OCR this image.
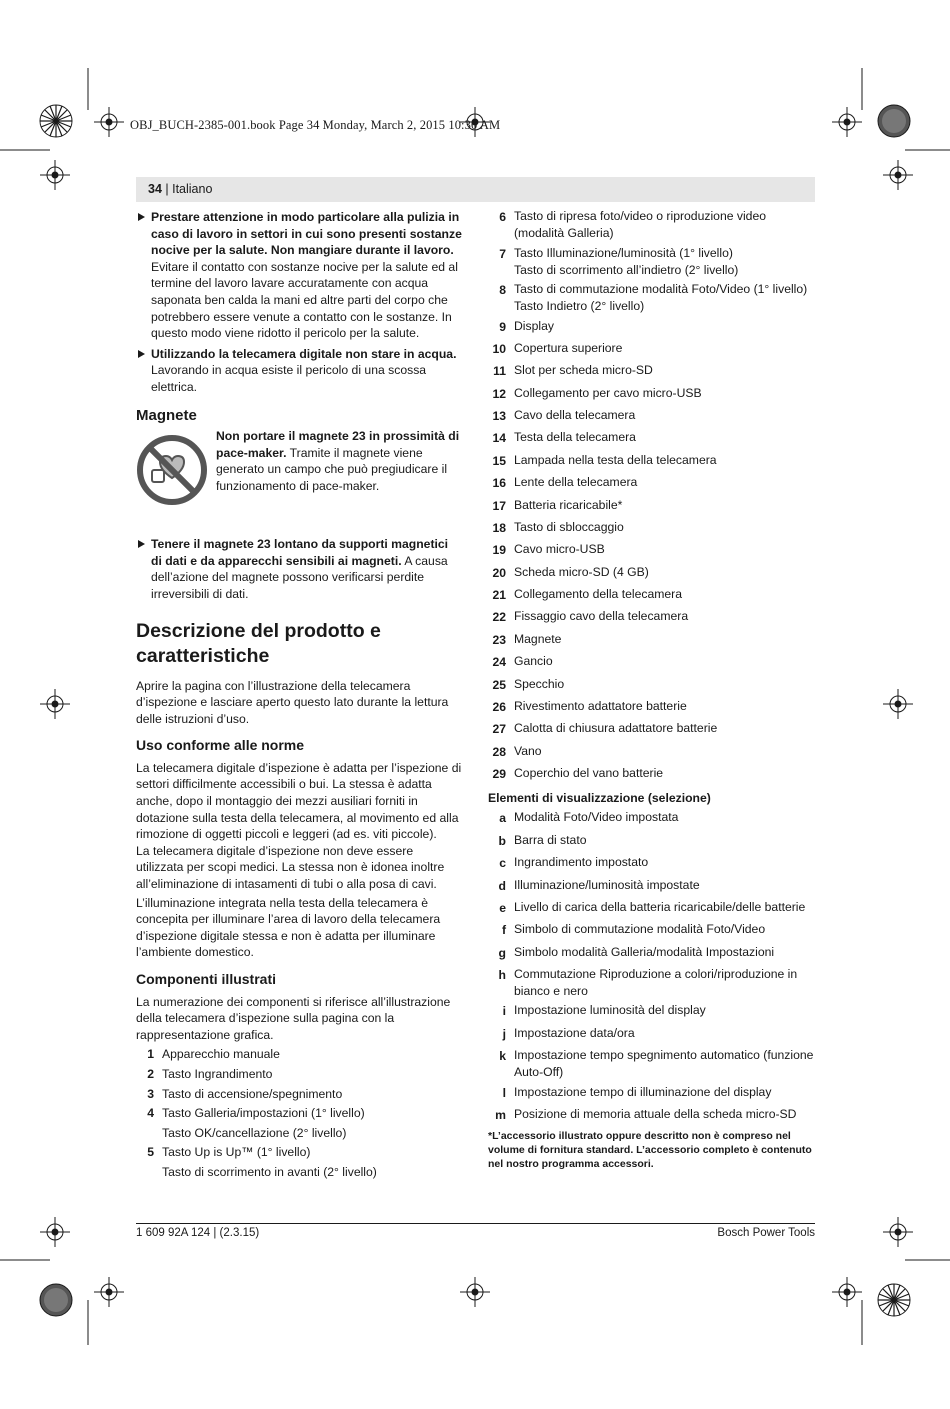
OBJ_BUCH-2385-001.book Page 34 Monday, March 2, 2015 10:30 AM
34 | Italiano

Prestare attenzione in modo particolare alla pulizia in caso di lavoro in settori in cui sono presenti sostanze nocive per la salute. Non mangiare durante il lavoro. Evitare il contatto con sostanze nocive per la salute ed al termine del lavoro lavare accuratamente con acqua saponata ben calda la mani ed altre parti del corpo che potrebbero essere venute a contatto con le sostanze. In questo modo viene ridotto il pericolo per la salute.

Utilizzando la telecamera digitale non stare in acqua. Lavorando in acqua esiste il pericolo di una scossa elettrica.

Magnete

Non portare il magnete 23 in prossimità di pace-maker. Tramite il magnete viene generato un campo che può pregiudicare il funzionamento di pace-maker.

Tenere il magnete 23 lontano da supporti magnetici di dati e da apparecchi sensibili ai magneti. A causa dell’azione del magnete possono verificarsi perdite irreversibili di dati.

Descrizione del prodotto e caratteristiche

Aprire la pagina con l’illustrazione della telecamera d’ispezione e lasciare aperto questo lato durante la lettura delle istruzioni d’uso.

Uso conforme alle norme

La telecamera digitale d’ispezione è adatta per l’ispezione di settori difficilmente accessibili o bui. La stessa è adatta anche, dopo il montaggio dei mezzi ausiliari forniti in dotazione sulla testa della telecamera, al movimento ed alla rimozione di oggetti piccoli e leggeri (ad es. viti piccole).

La telecamera digitale d’ispezione non deve essere utilizzata per scopi medici. La stessa non è idonea inoltre all’eliminazione di intasamenti di tubi o alla posa di cavi.

L’illuminazione integrata nella testa della telecamera è concepita per illuminare l’area di lavoro della telecamera d’ispezione digitale stessa e non è adatta per illuminare l’ambiente domestico.

Componenti illustrati

La numerazione dei componenti si riferisce all’illustrazione della telecamera d’ispezione sulla pagina con la rappresentazione grafica.

1 Apparecchio manuale
2 Tasto Ingrandimento
3 Tasto di accensione/spegnimento
4 Tasto Galleria/impostazioni (1° livello)
Tasto OK/cancellazione (2° livello)
5 Tasto Up is Up™ (1° livello)
Tasto di scorrimento in avanti (2° livello)
6 Tasto di ripresa foto/video o riproduzione video (modalità Galleria)
7 Tasto Illuminazione/luminosità (1° livello)
Tasto di scorrimento all’indietro (2° livello)
8 Tasto di commutazione modalità Foto/Video (1° livello)
Tasto Indietro (2° livello)
9 Display
10 Copertura superiore
11 Slot per scheda micro-SD
12 Collegamento per cavo micro-USB
13 Cavo della telecamera
14 Testa della telecamera
15 Lampada nella testa della telecamera
16 Lente della telecamera
17 Batteria ricaricabile*
18 Tasto di sbloccaggio
19 Cavo micro-USB
20 Scheda micro-SD (4 GB)
21 Collegamento della telecamera
22 Fissaggio cavo della telecamera
23 Magnete
24 Gancio
25 Specchio
26 Rivestimento adattatore batterie
27 Calotta di chiusura adattatore batterie
28 Vano
29 Coperchio del vano batterie
Elementi di visualizzazione (selezione)
a Modalità Foto/Video impostata
b Barra di stato
c Ingrandimento impostato
d Illuminazione/luminosità impostate
e Livello di carica della batteria ricaricabile/delle batterie
f Simbolo di commutazione modalità Foto/Video
g Simbolo modalità Galleria/modalità Impostazioni
h Commutazione Riproduzione a colori/riproduzione in bianco e nero
i Impostazione luminosità del display
j Impostazione data/ora
k Impostazione tempo spegnimento automatico (funzione Auto-Off)
l Impostazione tempo di illuminazione del display
m Posizione di memoria attuale della scheda micro-SD

*L’accessorio illustrato oppure descritto non è compreso nel volume di fornitura standard. L’accessorio completo è contenuto nel nostro programma accessori.

1 609 92A 124 | (2.3.15)	Bosch Power Tools
